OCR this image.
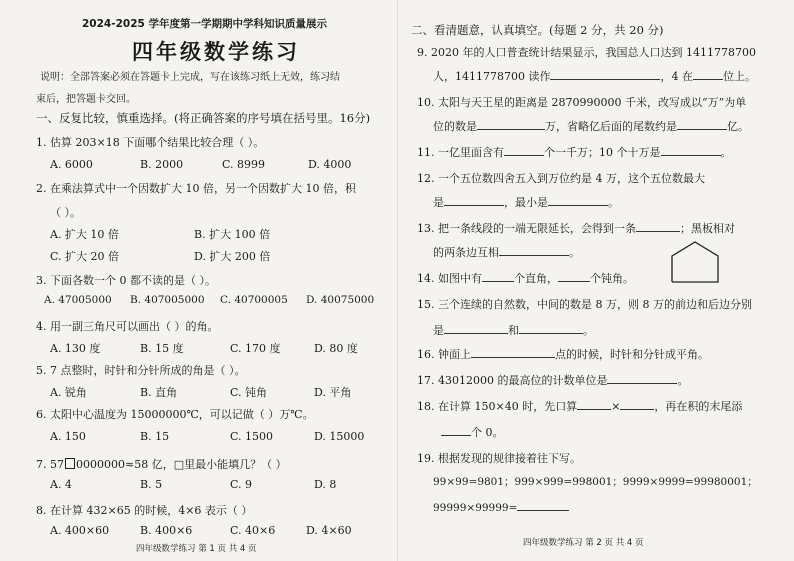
2024-2025 学年度第一学期期中学科知识质量展示
四年级数学练习
说明：全部答案必须在答题卡上完成，写在该练习纸上无效，练习结
束后，把答题卡交回。
一、反复比较，慎重选择。(将正确答案的序号填在括号里。16分)
1. 估算 203×18 下面哪个结果比较合理（ ）。
A. 6000	B. 2000	C. 8999	D. 4000
2. 在乘法算式中一个因数扩大 10 倍，另一个因数扩大 10 倍，积
（ ）。
A. 扩大 10 倍	B. 扩大 100 倍
C. 扩大 20 倍	D. 扩大 200 倍
3. 下面各数一个 0 都不读的是（ ）。
A. 47005000 B. 407005000 C. 40700005 D. 40075000
4. 用一副三角尺可以画出（ ）的角。
A. 130 度	B. 15 度	C. 170 度	D. 80 度
5. 7 点整时，时针和分针所成的角是（ ）。
A. 锐角	B. 直角	C. 钝角	D. 平角
6. 太阳中心温度为 15000000℃，可以记做（ ）万℃。
A. 150	B. 15	C. 1500	D. 15000
7. 57 0000000≈58 亿，□里最小能填几？（ ）
A. 4	B. 5	C. 9	D. 8
8. 在计算 432×65 的时候，4×6 表示（ ）
A. 400×60	B. 400×6	C. 40×6	D. 4×60
四年级数学练习 第 1 页 共 4 页
二、看清题意，认真填空。(每题 2 分，共 20 分)
9. 2020 年的人口普查统计结果显示，我国总人口达到 1411778700
人，1411778700 读作	，4 在	位上。
10. 太阳与天王星的距离是 2870990000 千米，改写成以“万”为单
位的数是	万，省略亿后面的尾数约是	亿。
11. 一亿里面含有	个一千万；10 个十万是	。
12. 一个五位数四舍五入到万位约是 4 万，这个五位数最大
是	，最小是	。
13. 把一条线段的一端无限延长，会得到一条	；黑板相对
的两条边互相	。
14. 如图中有	个直角，	个钝角。
15. 三个连续的自然数，中间的数是 8 万，则 8 万的前边和后边分别
是	和	。
16. 钟面上	点的时候，时针和分针成平角。
17. 43012000 的最高位的计数单位是	。
18. 在计算 150×40 时，先口算	×	，再在积的末尾添
个 0。
19. 根据发现的规律接着往下写。
99×99=9801；999×999=998001；9999×9999=99980001；
99999×99999=
四年级数学练习 第 2 页 共 4 页
